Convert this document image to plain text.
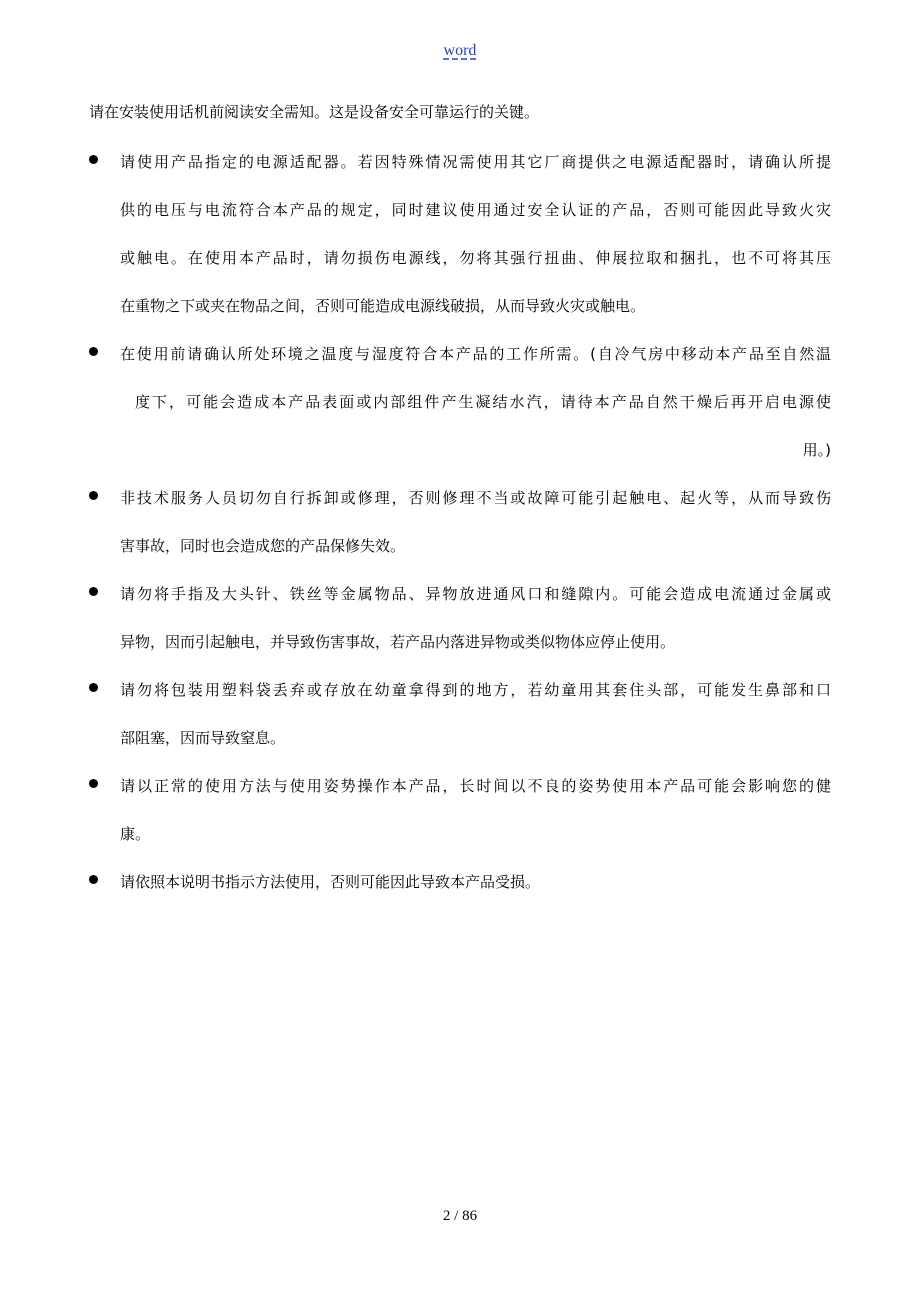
word
请在安装使用话机前阅读安全需知。这是设备安全可靠运行的关键。
请使用产品指定的电源适配器。若因特殊情况需使用其它厂商提供之电源适配器时，请确认所提
供的电压与电流符合本产品的规定，同时建议使用通过安全认证的产品，否则可能因此导致火灾
或触电。在使用本产品时，请勿损伤电源线，勿将其强行扭曲、伸展拉取和捆扎，也不可将其压
在重物之下或夹在物品之间，否则可能造成电源线破损，从而导致火灾或触电。
在使用前请确认所处环境之温度与湿度符合本产品的工作所需。(自冷气房中移动本产品至自然温
度下，可能会造成本产品表面或内部组件产生凝结水汽，请待本产品自然干燥后再开启电源使
用。)
非技术服务人员切勿自行拆卸或修理，否则修理不当或故障可能引起触电、起火等，从而导致伤
害事故，同时也会造成您的产品保修失效。
请勿将手指及大头针、铁丝等金属物品、异物放进通风口和缝隙内。可能会造成电流通过金属或
异物，因而引起触电，并导致伤害事故，若产品内落进异物或类似物体应停止使用。
请勿将包装用塑料袋丢弃或存放在幼童拿得到的地方，若幼童用其套住头部，可能发生鼻部和口
部阻塞，因而导致窒息。
请以正常的使用方法与使用姿势操作本产品，长时间以不良的姿势使用本产品可能会影响您的健
康。
请依照本说明书指示方法使用，否则可能因此导致本产品受损。
2 / 86
